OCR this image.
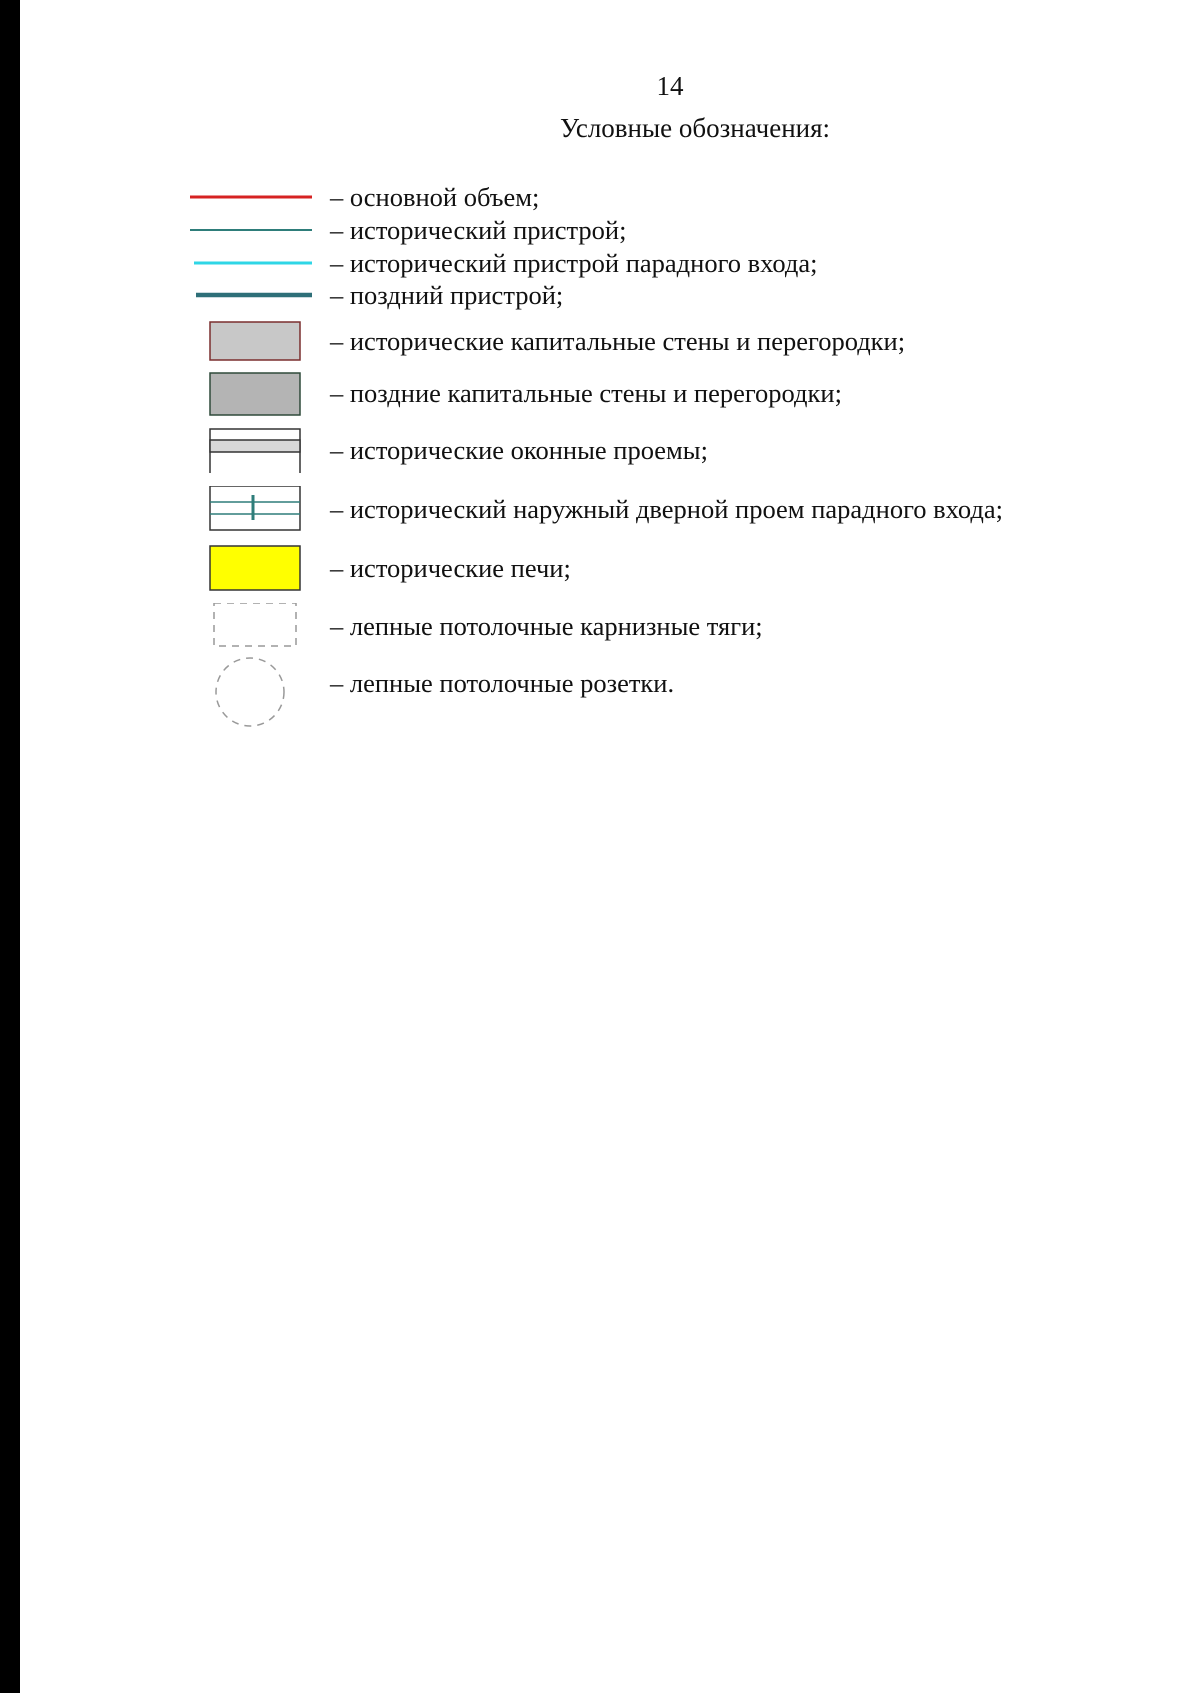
14
Условные обозначения:
– основной объем;
– исторический пристрой;
– исторический пристрой парадного входа;
– поздний пристрой;
– исторические капитальные стены и перегородки;
– поздние капитальные стены и перегородки;
– исторические оконные проемы;
– исторический наружный дверной проем парадного входа;
– исторические печи;
– лепные потолочные карнизные тяги;
– лепные потолочные розетки.
